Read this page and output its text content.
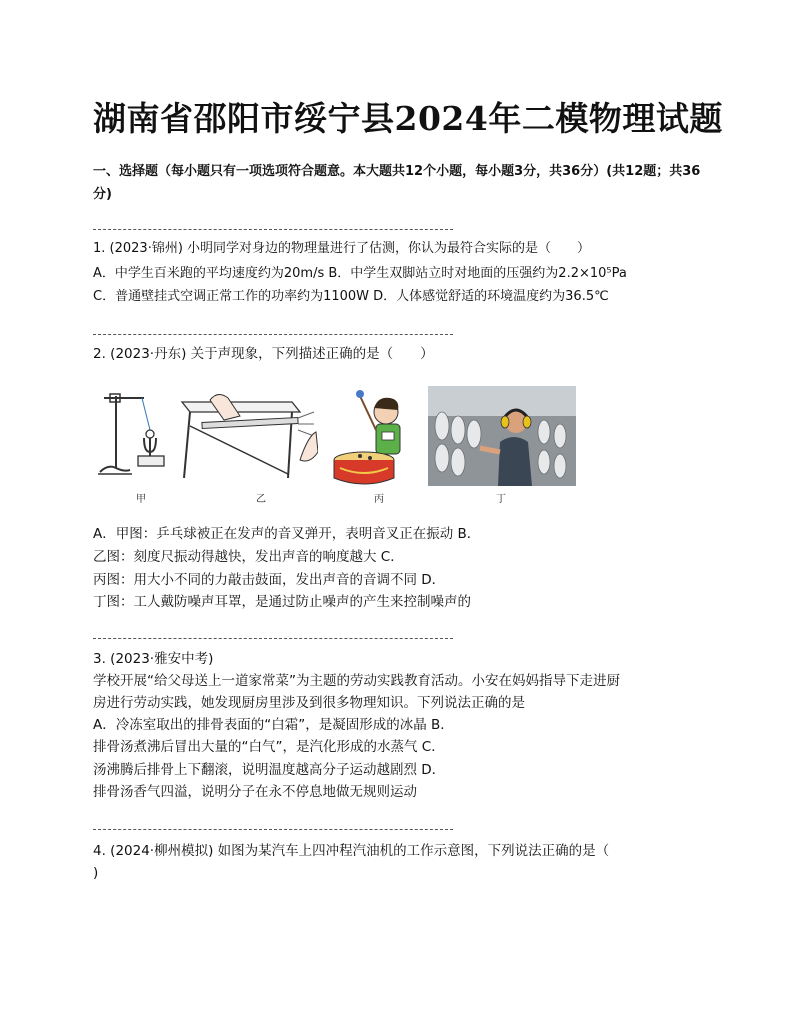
湖南省邵阳市绥宁县2024年二模物理试题
一、选择题（每小题只有一项选项符合题意。本大题共12个小题，每小题3分，共36分）(共12题；共36分)
1. (2023·锦州) 小明同学对身边的物理量进行了估测，你认为最符合实际的是（　　）
A．中学生百米跑的平均速度约为20m/s B．中学生双脚站立时对地面的压强约为2.2×10⁵Pa
C．普通壁挂式空调正常工作的功率约为1100W D．人体感觉舒适的环境温度约为36.5℃
2. (2023·丹东) 关于声现象，下列描述正确的是（　　）
甲	乙	丙	丁
A．甲图：乒乓球被正在发声的音叉弹开，表明音叉正在振动 B．
乙图：刻度尺振动得越快，发出声音的响度越大 C．
丙图：用大小不同的力敲击鼓面，发出声音的音调不同 D．
丁图：工人戴防噪声耳罩，是通过防止噪声的产生来控制噪声的
3. (2023·雅安中考)
学校开展“给父母送上一道家常菜”为主题的劳动实践教育活动。小安在妈妈指导下走进厨
房进行劳动实践，她发现厨房里涉及到很多物理知识。下列说法正确的是
A．冷冻室取出的排骨表面的“白霜”，是凝固形成的冰晶 B．
排骨汤煮沸后冒出大量的“白气”，是汽化形成的水蒸气 C．
汤沸腾后排骨上下翻滚，说明温度越高分子运动越剧烈 D．
排骨汤香气四溢，说明分子在永不停息地做无规则运动
4. (2024·柳州模拟) 如图为某汽车上四冲程汽油机的工作示意图，下列说法正确的是（
)
